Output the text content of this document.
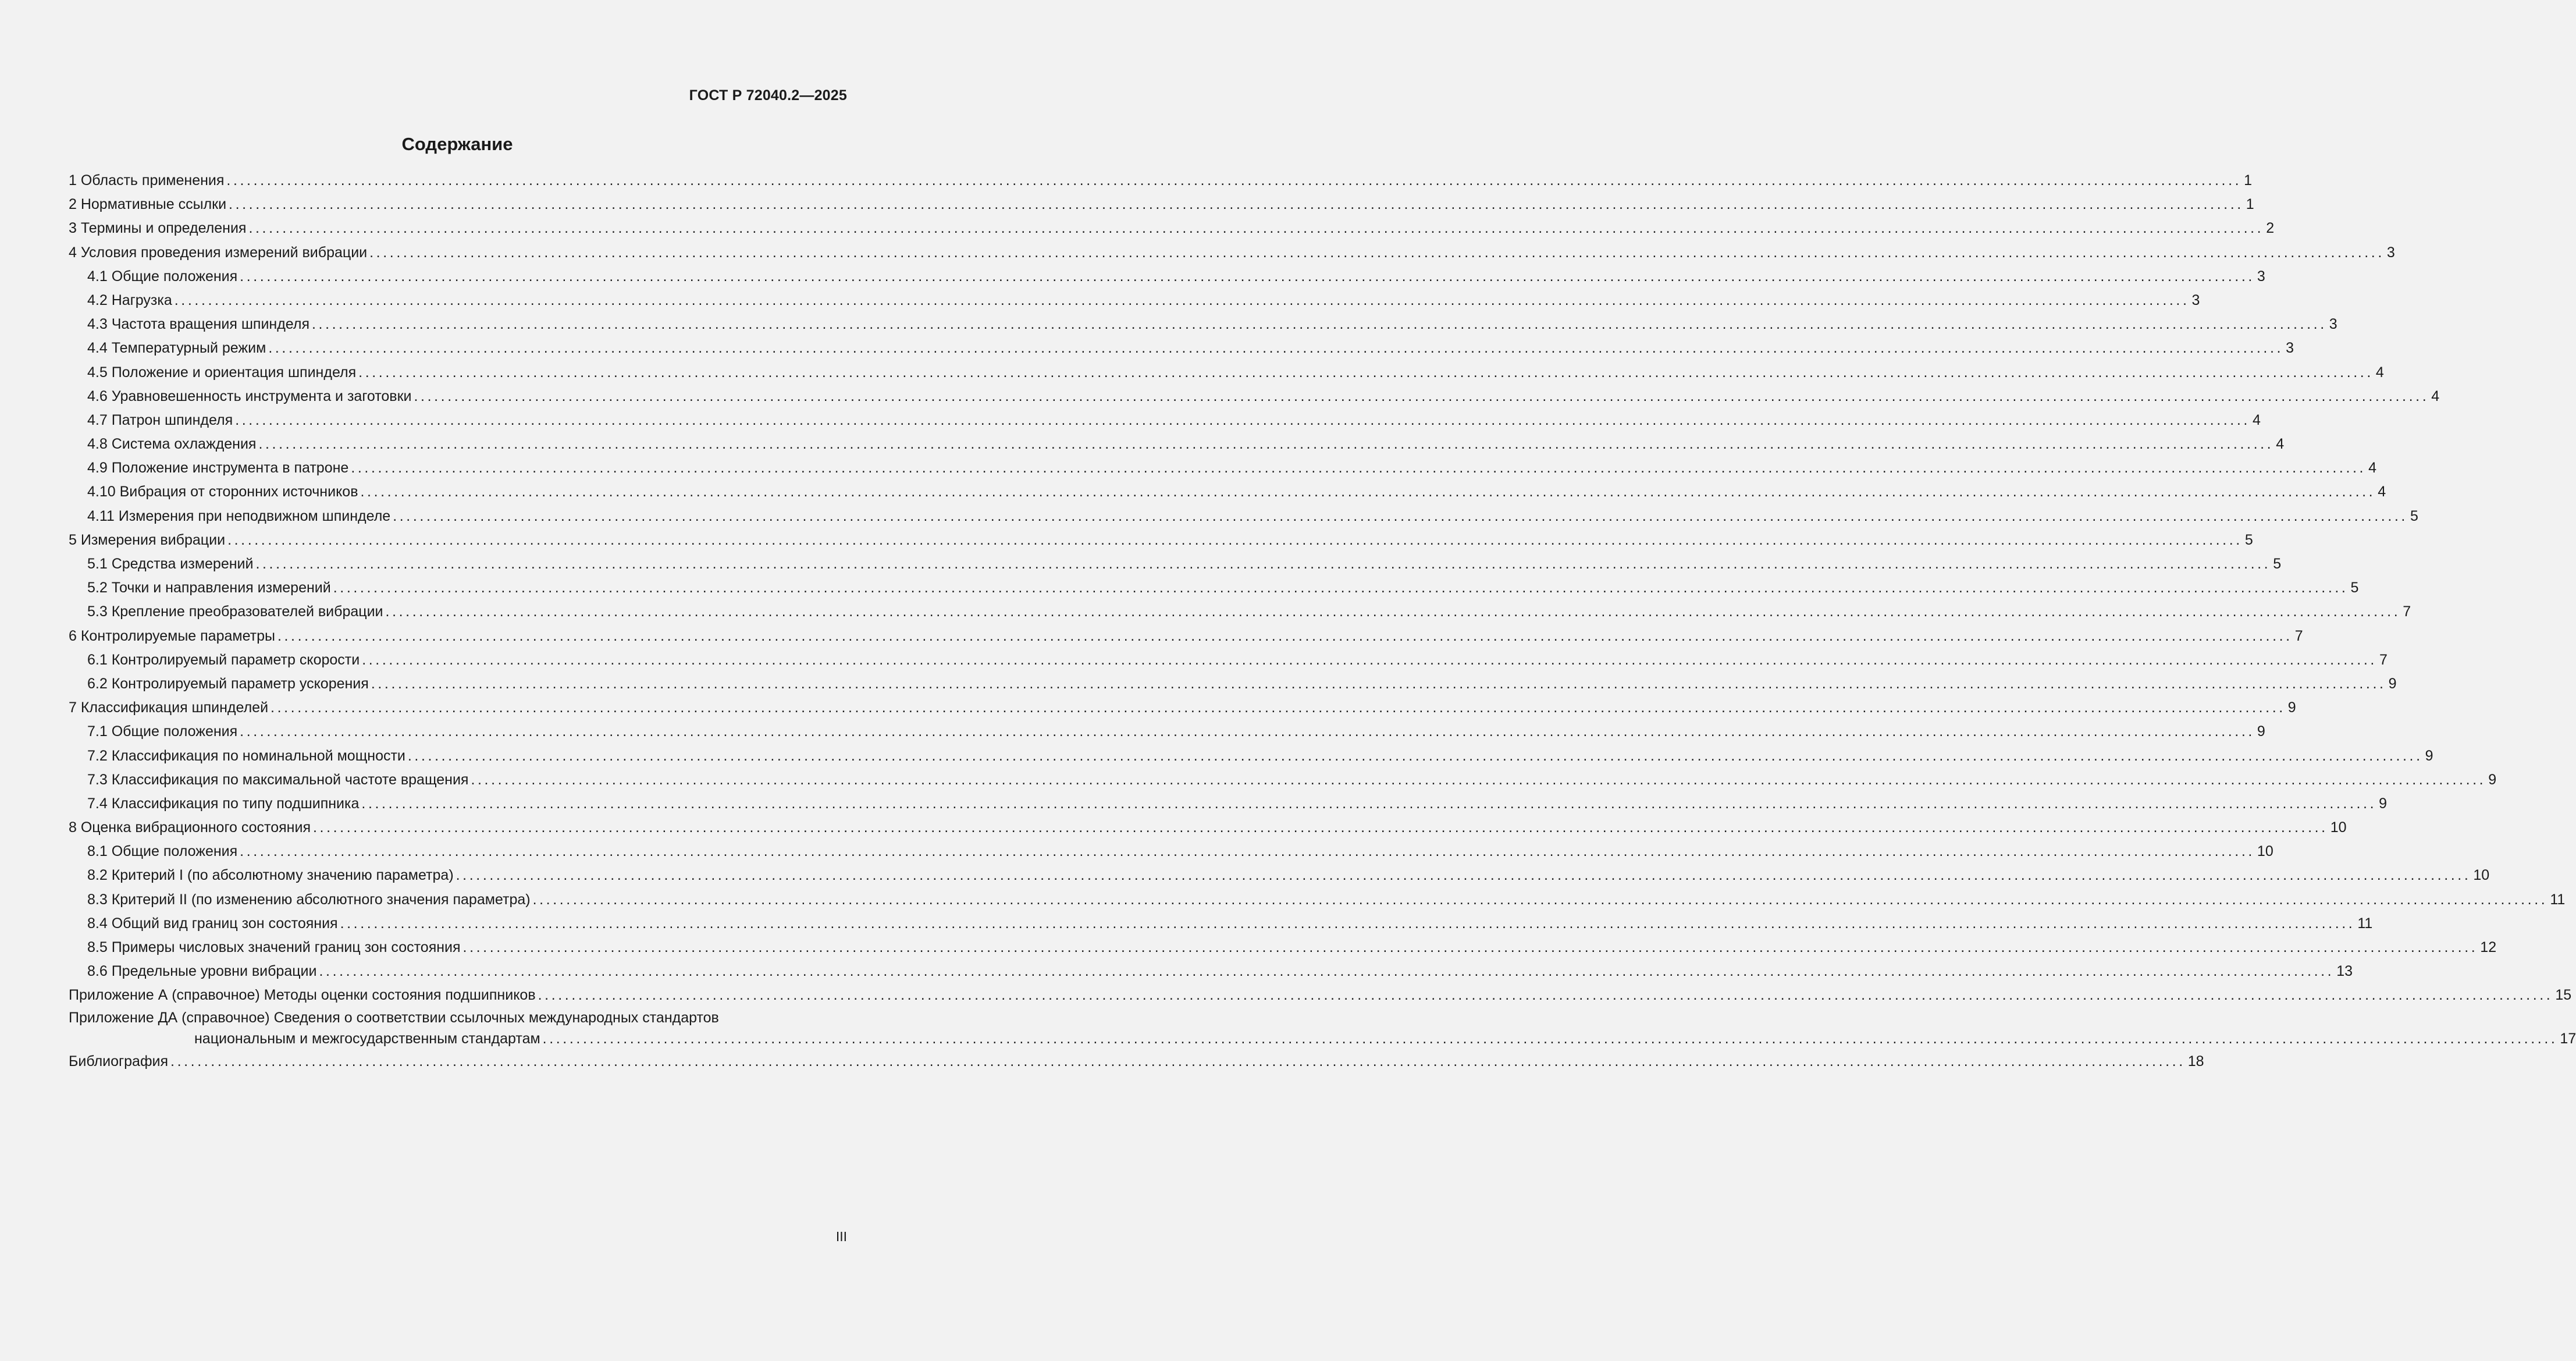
ГОСТ Р 72040.2—2025
Содержание
1 Область применения ............................................................................................................................................................................................................................................................................................................ 1
2 Нормативные ссылки ............................................................................................................................................................................................................................................................................................................ 1
3 Термины и определения ............................................................................................................................................................................................................................................................................................................ 2
4 Условия проведения измерений вибрации ............................................................................................................................................................................................................................................................................................................ 3
4.1 Общие положения ............................................................................................................................................................................................................................................................................................................ 3
4.2 Нагрузка ............................................................................................................................................................................................................................................................................................................ 3
4.3 Частота вращения шпинделя ............................................................................................................................................................................................................................................................................................................ 3
4.4 Температурный режим ............................................................................................................................................................................................................................................................................................................ 3
4.5 Положение и ориентация шпинделя ............................................................................................................................................................................................................................................................................................................ 4
4.6 Уравновешенность инструмента и заготовки ............................................................................................................................................................................................................................................................................................................ 4
4.7 Патрон шпинделя ............................................................................................................................................................................................................................................................................................................ 4
4.8 Система охлаждения ............................................................................................................................................................................................................................................................................................................ 4
4.9 Положение инструмента в патроне ............................................................................................................................................................................................................................................................................................................ 4
4.10 Вибрация от сторонних источников ............................................................................................................................................................................................................................................................................................................ 4
4.11 Измерения при неподвижном шпинделе ............................................................................................................................................................................................................................................................................................................ 5
5 Измерения вибрации ............................................................................................................................................................................................................................................................................................................ 5
5.1 Средства измерений ............................................................................................................................................................................................................................................................................................................ 5
5.2 Точки и направления измерений ............................................................................................................................................................................................................................................................................................................ 5
5.3 Крепление преобразователей вибрации ............................................................................................................................................................................................................................................................................................................ 7
6 Контролируемые параметры ............................................................................................................................................................................................................................................................................................................ 7
6.1 Контролируемый параметр скорости ............................................................................................................................................................................................................................................................................................................ 7
6.2 Контролируемый параметр ускорения ............................................................................................................................................................................................................................................................................................................ 9
7 Классификация шпинделей ............................................................................................................................................................................................................................................................................................................ 9
7.1 Общие положения ............................................................................................................................................................................................................................................................................................................ 9
7.2 Классификация по номинальной мощности ............................................................................................................................................................................................................................................................................................................ 9
7.3 Классификация по максимальной частоте вращения ............................................................................................................................................................................................................................................................................................................ 9
7.4 Классификация по типу подшипника ............................................................................................................................................................................................................................................................................................................ 9
8 Оценка вибрационного состояния ............................................................................................................................................................................................................................................................................................................ 10
8.1 Общие положения ............................................................................................................................................................................................................................................................................................................ 10
8.2 Критерий I (по абсолютному значению параметра) ............................................................................................................................................................................................................................................................................................................ 10
8.3 Критерий II (по изменению абсолютного значения параметра) ............................................................................................................................................................................................................................................................................................................ 11
8.4 Общий вид границ зон состояния ............................................................................................................................................................................................................................................................................................................ 11
8.5 Примеры числовых значений границ зон состояния ............................................................................................................................................................................................................................................................................................................ 12
8.6 Предельные уровни вибрации ............................................................................................................................................................................................................................................................................................................ 13
Приложение А (справочное) Методы оценки состояния подшипников ............................................................................................................................................................................................................................................................................................................ 15
Приложение ДА (справочное) Сведения о соответствии ссылочных международных стандартов
национальным и межгосударственным стандартам ............................................................................................................................................................................................................................................................................................................ 17
Библиография ............................................................................................................................................................................................................................................................................................................ 18
III
